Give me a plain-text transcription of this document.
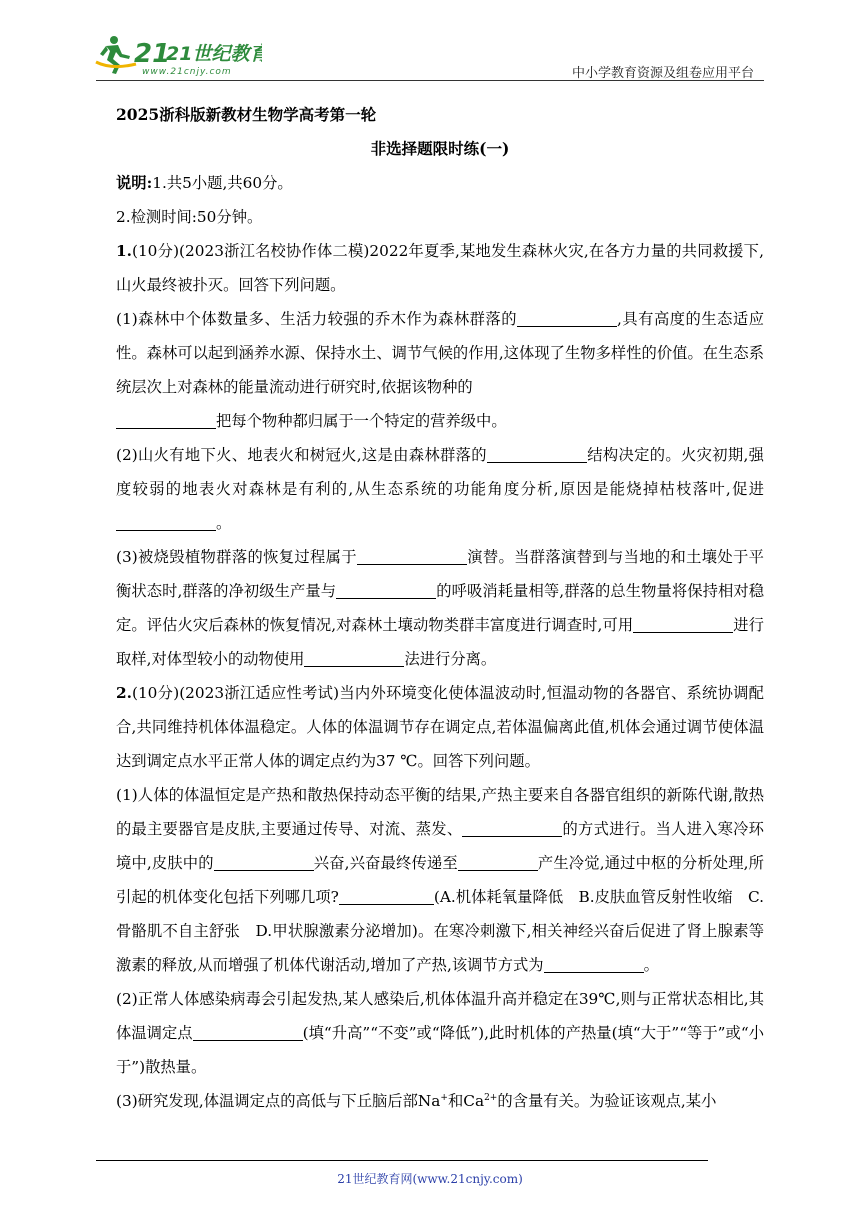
21
21世纪教育
www.21cnjy.com	中小学教育资源及组卷应用平台

2025浙科版新教材生物学高考第一轮

非选择题限时练(一)

说明:1.共5小题,共60分。

2.检测时间:50分钟。

1.(10分)(2023浙江名校协作体二模)2022年夏季,某地发生森林火灾,在各方力量的共同救援下,山火最终被扑灭。回答下列问题。

(1)森林中个体数量多、生活力较强的乔木作为森林群落的	,具有高度的生态适应性。森林可以起到涵养水源、保持水土、调节气候的作用,这体现了生物多样性的价值。在生态系统层次上对森林的能量流动进行研究时,依据该物种的
把每个物种都归属于一个特定的营养级中。

(2)山火有地下火、地表火和树冠火,这是由森林群落的	结构决定的。火灾初期,强度较弱的地表火对森林是有利的,从生态系统的功能角度分析,原因是能烧掉枯枝落叶,促进。

(3)被烧毁植物群落的恢复过程属于	演替。当群落演替到与当地的和土壤处于平衡状态时,群落的净初级生产量与	的呼吸消耗量相等,群落的总生物量将保持相对稳定。评估火灾后森林的恢复情况,对森林土壤动物类群丰富度进行调查时,可用	进行取样,对体型较小的动物使用	法进行分离。

2.(10分)(2023浙江适应性考试)当内外环境变化使体温波动时,恒温动物的各器官、系统协调配合,共同维持机体体温稳定。人体的体温调节存在调定点,若体温偏离此值,机体会通过调节使体温达到调定点水平正常人体的调定点约为37 ℃。回答下列问题。

(1)人体的体温恒定是产热和散热保持动态平衡的结果,产热主要来自各器官组织的新陈代谢,散热的最主要器官是皮肤,主要通过传导、对流、蒸发、	的方式进行。当人进入寒冷环境中,皮肤中的	兴奋,兴奋最终传递至	产生冷觉,通过中枢的分析处理,所引起的机体变化包括下列哪几项?	(A.机体耗氧量降低　B.皮肤血管反射性收缩　C.骨骼肌不自主舒张　D.甲状腺激素分泌增加)。在寒冷刺激下,相关神经兴奋后促进了肾上腺素等激素的释放,从而增强了机体代谢活动,增加了产热,该调节方式为	。

(2)正常人体感染病毒会引起发热,某人感染后,机体体温升高并稳定在39℃,则与正常状态相比,其体温调定点	(填“升高”“不变”或“降低”),此时机体的产热量(填“大于”“等于”或“小于”)散热量。

(3)研究发现,体温调定点的高低与下丘脑后部Na+和$Ca^{2+}$的含量有关。为验证该观点,某小

21世纪教育网(www.21cnjy.com)
